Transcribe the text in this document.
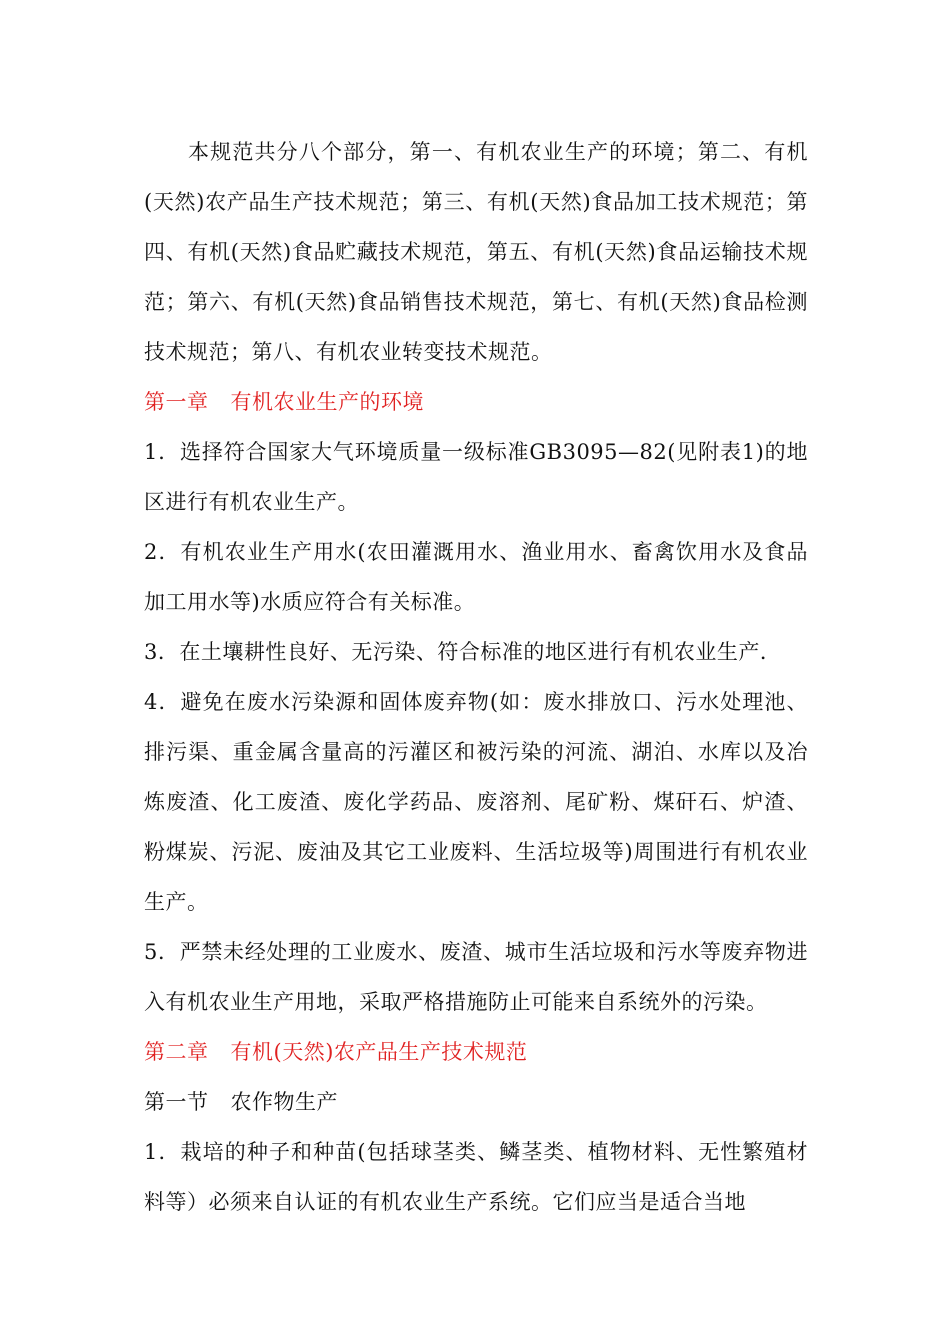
本规范共分八个部分，第一、有机农业生产的环境；第二、有机(天然)农产品生产技术规范；第三、有机(天然)食品加工技术规范；第四、有机(天然)食品贮藏技术规范，第五、有机(天然)食品运输技术规范；第六、有机(天然)食品销售技术规范，第七、有机(天然)食品检测技术规范；第八、有机农业转变技术规范。

第一章 有机农业生产的环境

1．选择符合国家大气环境质量一级标准GB3095—82(见附表1)的地区进行有机农业生产。

2．有机农业生产用水(农田灌溉用水、渔业用水、畜禽饮用水及食品加工用水等)水质应符合有关标准。

3．在土壤耕性良好、无污染、符合标准的地区进行有机农业生产．

4．避免在废水污染源和固体废弃物(如：废水排放口、污水处理池、排污渠、重金属含量高的污灌区和被污染的河流、湖泊、水库以及冶炼废渣、化工废渣、废化学药品、废溶剂、尾矿粉、煤矸石、炉渣、粉煤炭、污泥、废油及其它工业废料、生活垃圾等)周围进行有机农业生产。

5．严禁未经处理的工业废水、废渣、城市生活垃圾和污水等废弃物进入有机农业生产用地，采取严格措施防止可能来自系统外的污染。

第二章 有机(天然)农产品生产技术规范

第一节 农作物生产

1．栽培的种子和种苗(包括球茎类、鳞茎类、植物材料、无性繁殖材料等）必须来自认证的有机农业生产系统。它们应当是适合当地
